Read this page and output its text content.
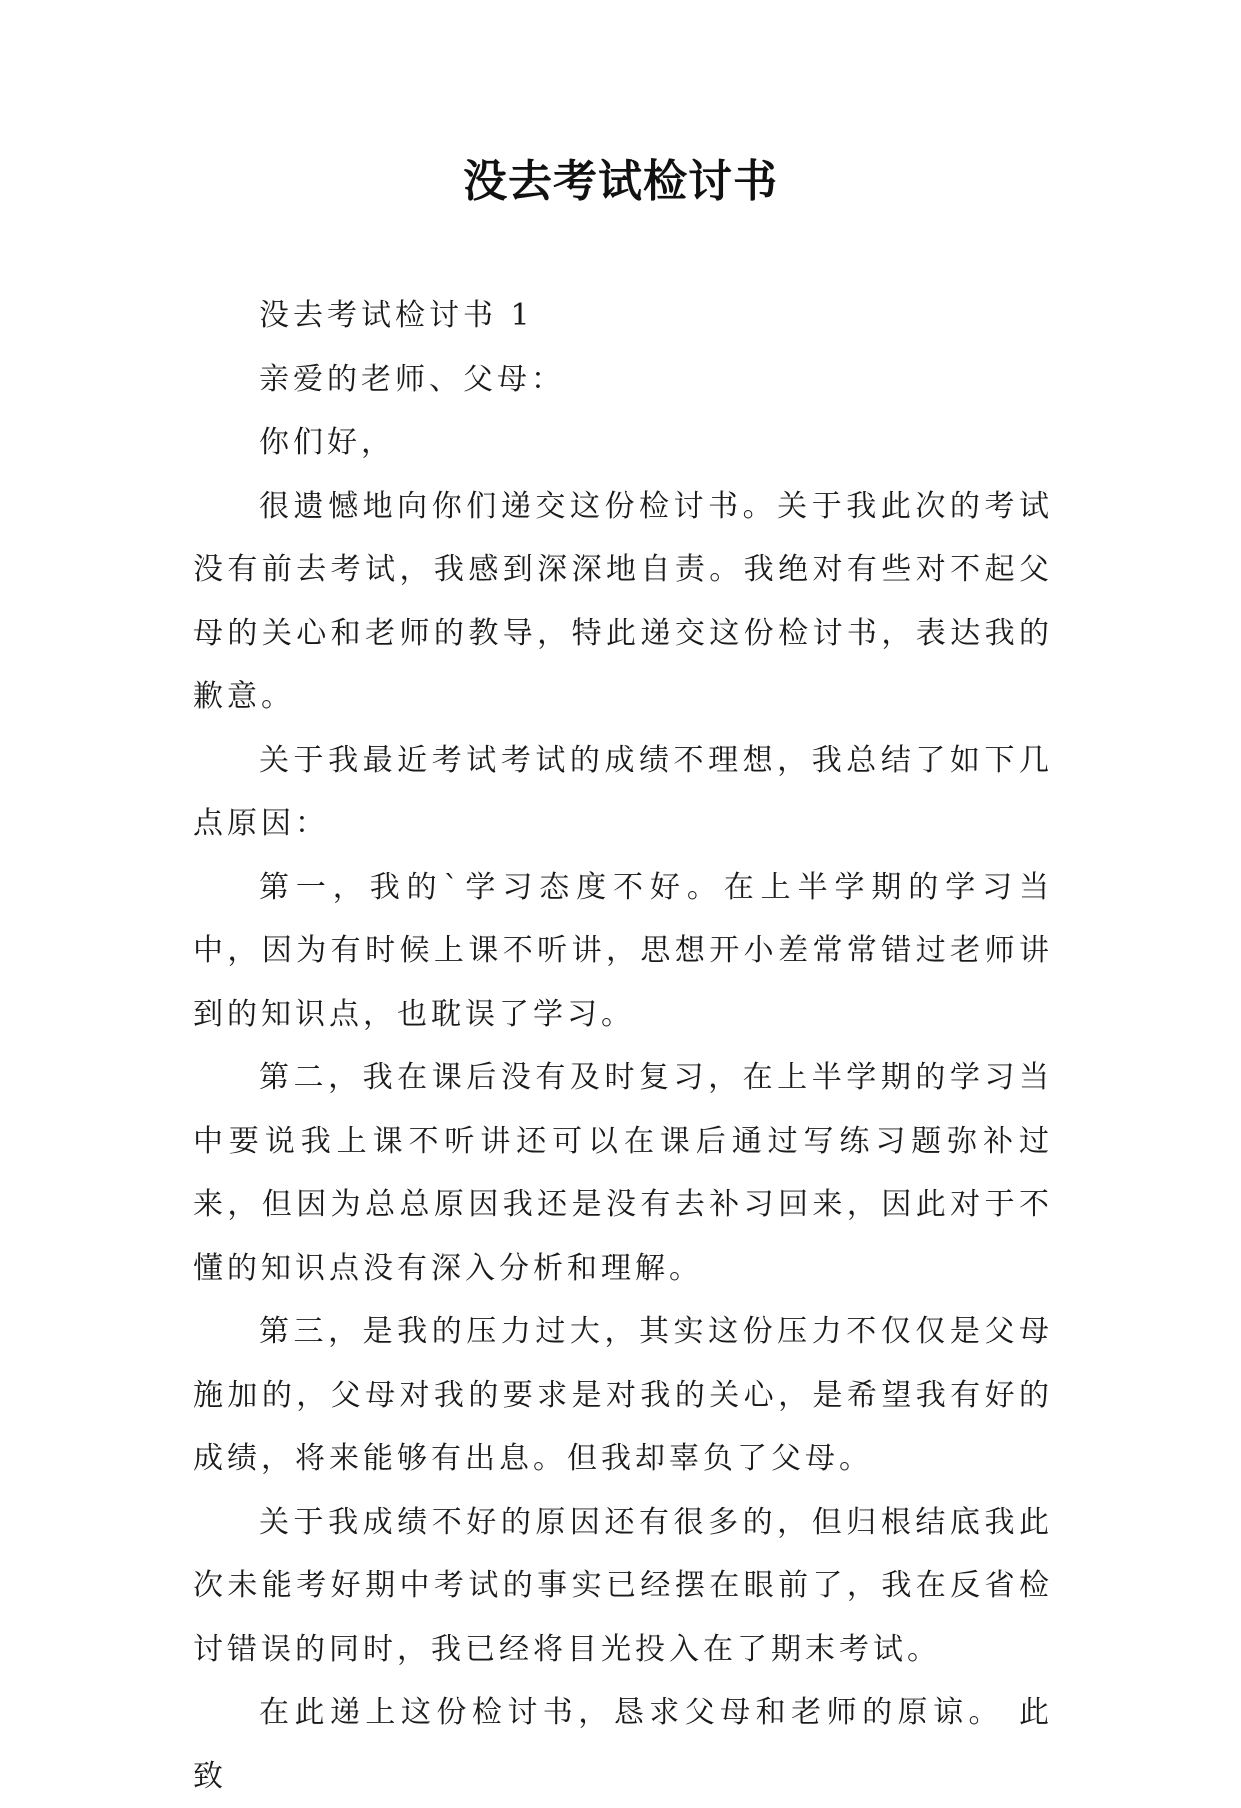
没去考试检讨书

没去考试检讨书 1

亲爱的老师、父母：

你们好，

很遗憾地向你们递交这份检讨书。关于我此次的考试没有前去考试，我感到深深地自责。我绝对有些对不起父母的关心和老师的教导，特此递交这份检讨书，表达我的歉意。

关于我最近考试考试的成绩不理想，我总结了如下几点原因：

第一，我的`学习态度不好。在上半学期的学习当中，因为有时候上课不听讲，思想开小差常常错过老师讲到的知识点，也耽误了学习。

第二，我在课后没有及时复习，在上半学期的学习当中要说我上课不听讲还可以在课后通过写练习题弥补过来，但因为总总原因我还是没有去补习回来，因此对于不懂的知识点没有深入分析和理解。

第三，是我的压力过大，其实这份压力不仅仅是父母施加的，父母对我的要求是对我的关心，是希望我有好的成绩，将来能够有出息。但我却辜负了父母。

关于我成绩不好的原因还有很多的，但归根结底我此次未能考好期中考试的事实已经摆在眼前了，我在反省检讨错误的同时，我已经将目光投入在了期末考试。

在此递上这份检讨书，恳求父母和老师的原谅。 此致
